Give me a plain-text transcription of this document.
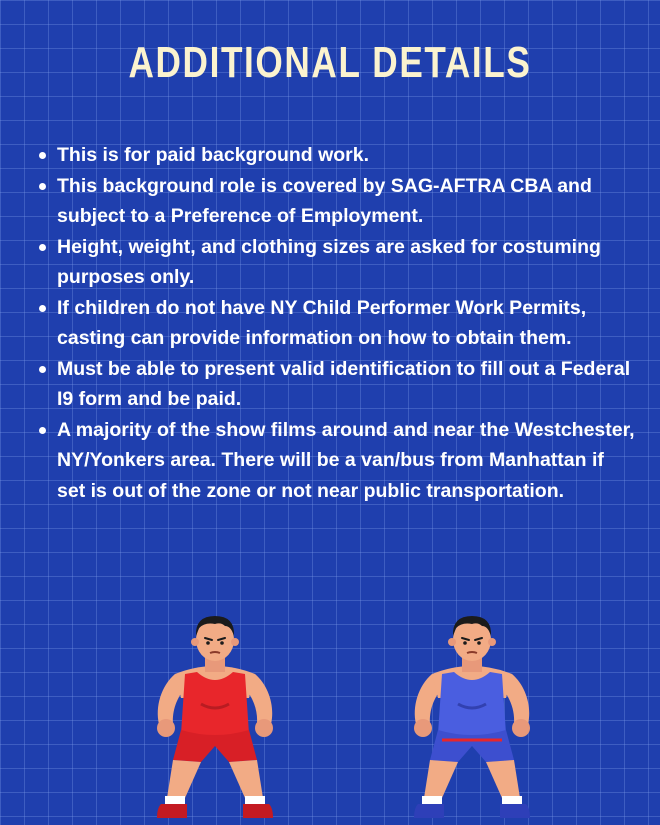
ADDITIONAL DETAILS
This is for paid background work.
This background role is covered by SAG-AFTRA CBA and subject to a Preference of Employment.
Height, weight, and clothing sizes are asked for costuming purposes only.
If children do not have NY Child Performer Work Permits, casting can provide information on how to obtain them.
Must be able to present valid identification to fill out a Federal I9 form and be paid.
A majority of the show films around and near the Westchester, NY/Yonkers area. There will be a van/bus from Manhattan if set is out of the zone or not near public transportation.
